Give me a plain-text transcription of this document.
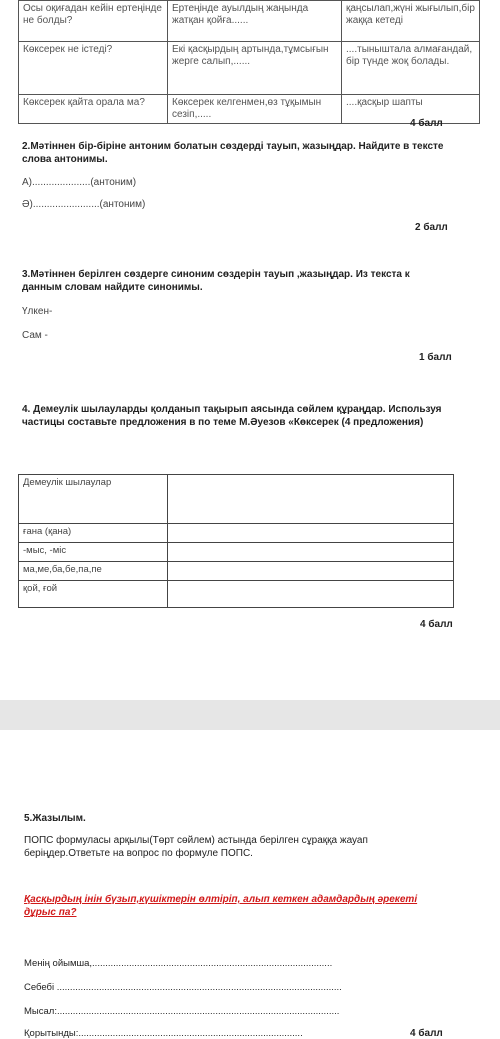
Осы оқиғадан кейін ертеңінде не болды?	Ертеңінде ауылдың жаңында жатқан қойға......	қаңсылап,жүні жығылып,бір жаққа кетеді
Көксерек не істеді?	Екі қасқырдың артында,тұмсығын жерге салып,......	....тыныштала алмағандай, бір түнде жоқ болады.
Көксерек қайта орала ма?	Көксерек келгенмен,өз тұқымын сезіп,.....	....қасқыр шапты
4 балл
2.Мәтіннен бір-біріне антоним болатын сөздерді тауып, жазыңдар. Найдите в тексте слова антонимы.
А).....................(антоним)
Ә)........................(антоним)
2 балл
3.Мәтіннен берілген сөздерге синоним сөздерін тауып ,жазыңдар. Из текста к данным словам найдите синонимы.
Үлкен-
Сам -
1 балл
4. Демеулік шылауларды қолданып тақырып аясында сөйлем құраңдар. Используя частицы составьте предложения в по теме М.Әуезов «Көксерек (4 предложения)
Демеулік шылаулар	
ғана (қана)	
-мыс, -міс	
ма,ме,ба,бе,па,пе	
қой, ғой	
4 балл
5.Жазылым.
ПОПС формуласы арқылы(Төрт сөйлем) астында берілген сұраққа жауап беріңдер.Ответьте на вопрос по формуле ПОПС.
Қасқырдың інін бүзып,күшіктерін өлтіріп, алып кеткен адамдардың әрекеті дұрыс па?
Менің ойымша,...........................................................................................
Себебі ............................................................................................................
Мысал:...........................................................................................................
Қорытынды:.....................................................................................	4 балл
